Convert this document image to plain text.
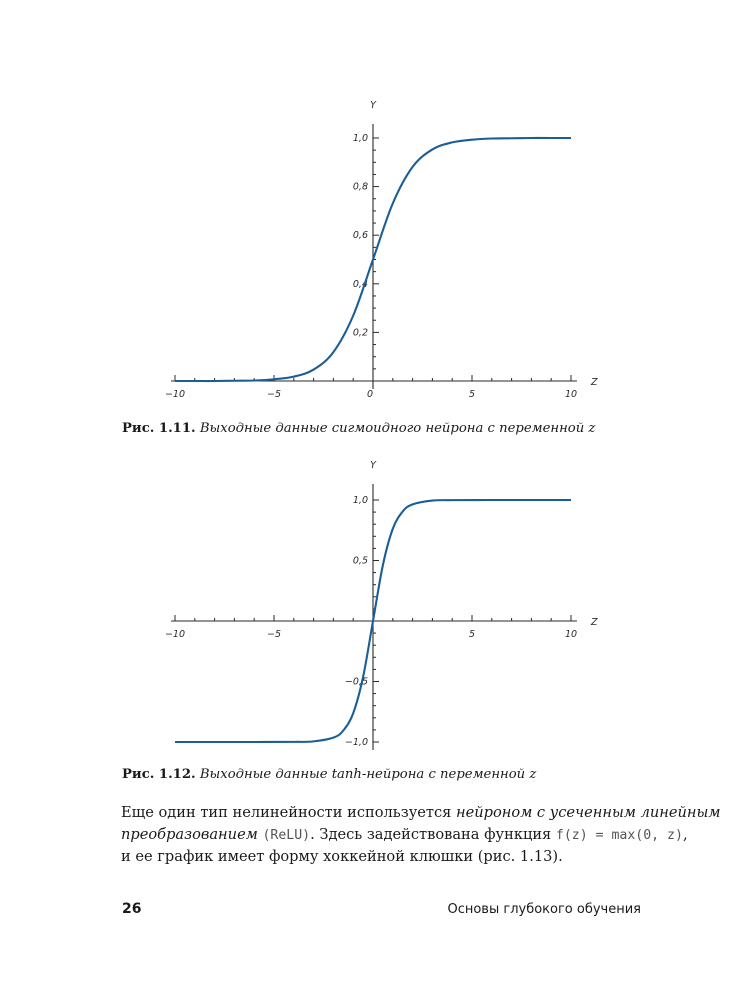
−10	−5	0	5	10
0,2
0,4
0,6
0,8
1,0
Z
Y
Рис. 1.11. Выходные данные сигмоидного нейрона с переменной z
−10	−5	5	10
−1,0
−0,5
0,5
1,0
Z
Y
Рис. 1.12. Выходные данные tanh-нейрона с переменной z
Еще один тип нелинейности используется нейроном с усеченным линейным
преобразованием (ReLU). Здесь задействована функция f(z) = max(0, z),
и ее график имеет форму хоккейной клюшки (рис. 1.13).
26	Основы глубокого обучения
